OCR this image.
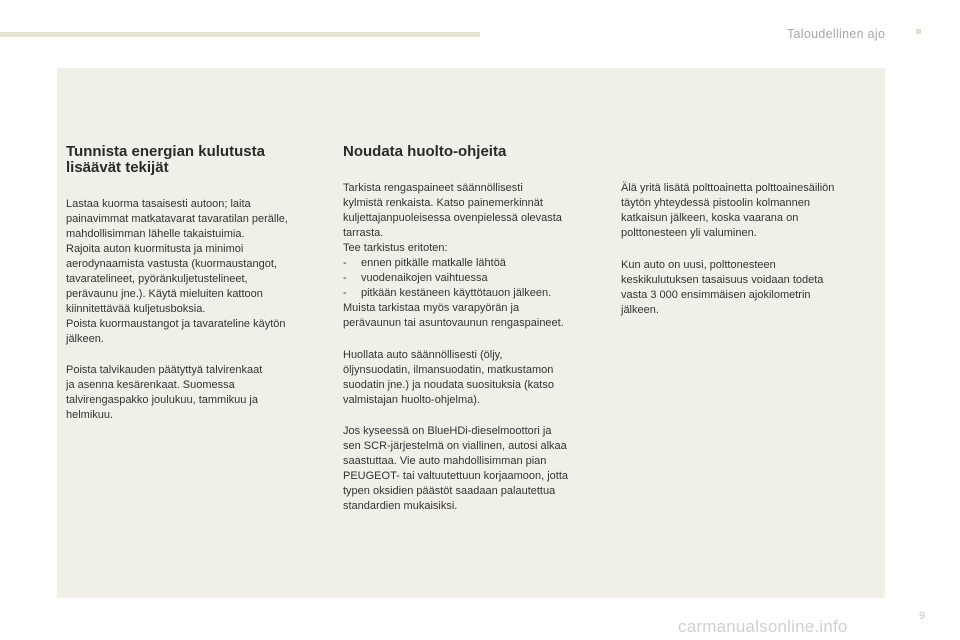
Taloudellinen ajo
Tunnista energian kulutusta
lisäävät tekijät

Lastaa kuorma tasaisesti autoon; laita
painavimmat matkatavarat tavaratilan perälle,
mahdollisimman lähelle takaistuimia.
Rajoita auton kuormitusta ja minimoi
aerodynaamista vastusta (kuormaustangot,
tavaratelineet, pyöränkuljetustelineet,
perävaunu jne.). Käytä mieluiten kattoon
kiinnitettävää kuljetusboksia.
Poista kuormaustangot ja tavarateline käytön
jälkeen.

Poista talvikauden päätyttyä talvirenkaat
ja asenna kesärenkaat. Suomessa
talvirengaspakko joulukuu, tammikuu ja
helmikuu.

Noudata huolto-ohjeita

Tarkista rengaspaineet säännöllisesti
kylmistä renkaista. Katso painemerkinnät
kuljettajanpuoleisessa ovenpielessä olevasta
tarrasta.
Tee tarkistus eritoten:

-	ennen pitkälle matkalle lähtöä
-	vuodenaikojen vaihtuessa
-	pitkään kestäneen käyttötauon jälkeen.

Muista tarkistaa myös varapyörän ja
perävaunun tai asuntovaunun rengaspaineet.

Huollata auto säännöllisesti (öljy,
öljynsuodatin, ilmansuodatin, matkustamon
suodatin jne.) ja noudata suosituksia (katso
valmistajan huolto-ohjelma).

Jos kyseessä on BlueHDi-dieselmoottori ja
sen SCR-järjestelmä on viallinen, autosi alkaa
saastuttaa. Vie auto mahdollisimman pian
PEUGEOT- tai valtuutettuun korjaamoon, jotta
typen oksidien päästöt saadaan palautettua
standardien mukaisiksi.

Älä yritä lisätä polttoainetta polttoainesäiliön
täytön yhteydessä pistoolin kolmannen
katkaisun jälkeen, koska vaarana on
polttonesteen yli valuminen.

Kun auto on uusi, polttonesteen
keskikulutuksen tasaisuus voidaan todeta
vasta 3 000 ensimmäisen ajokilometrin
jälkeen.

9
carmanualsonline.info
